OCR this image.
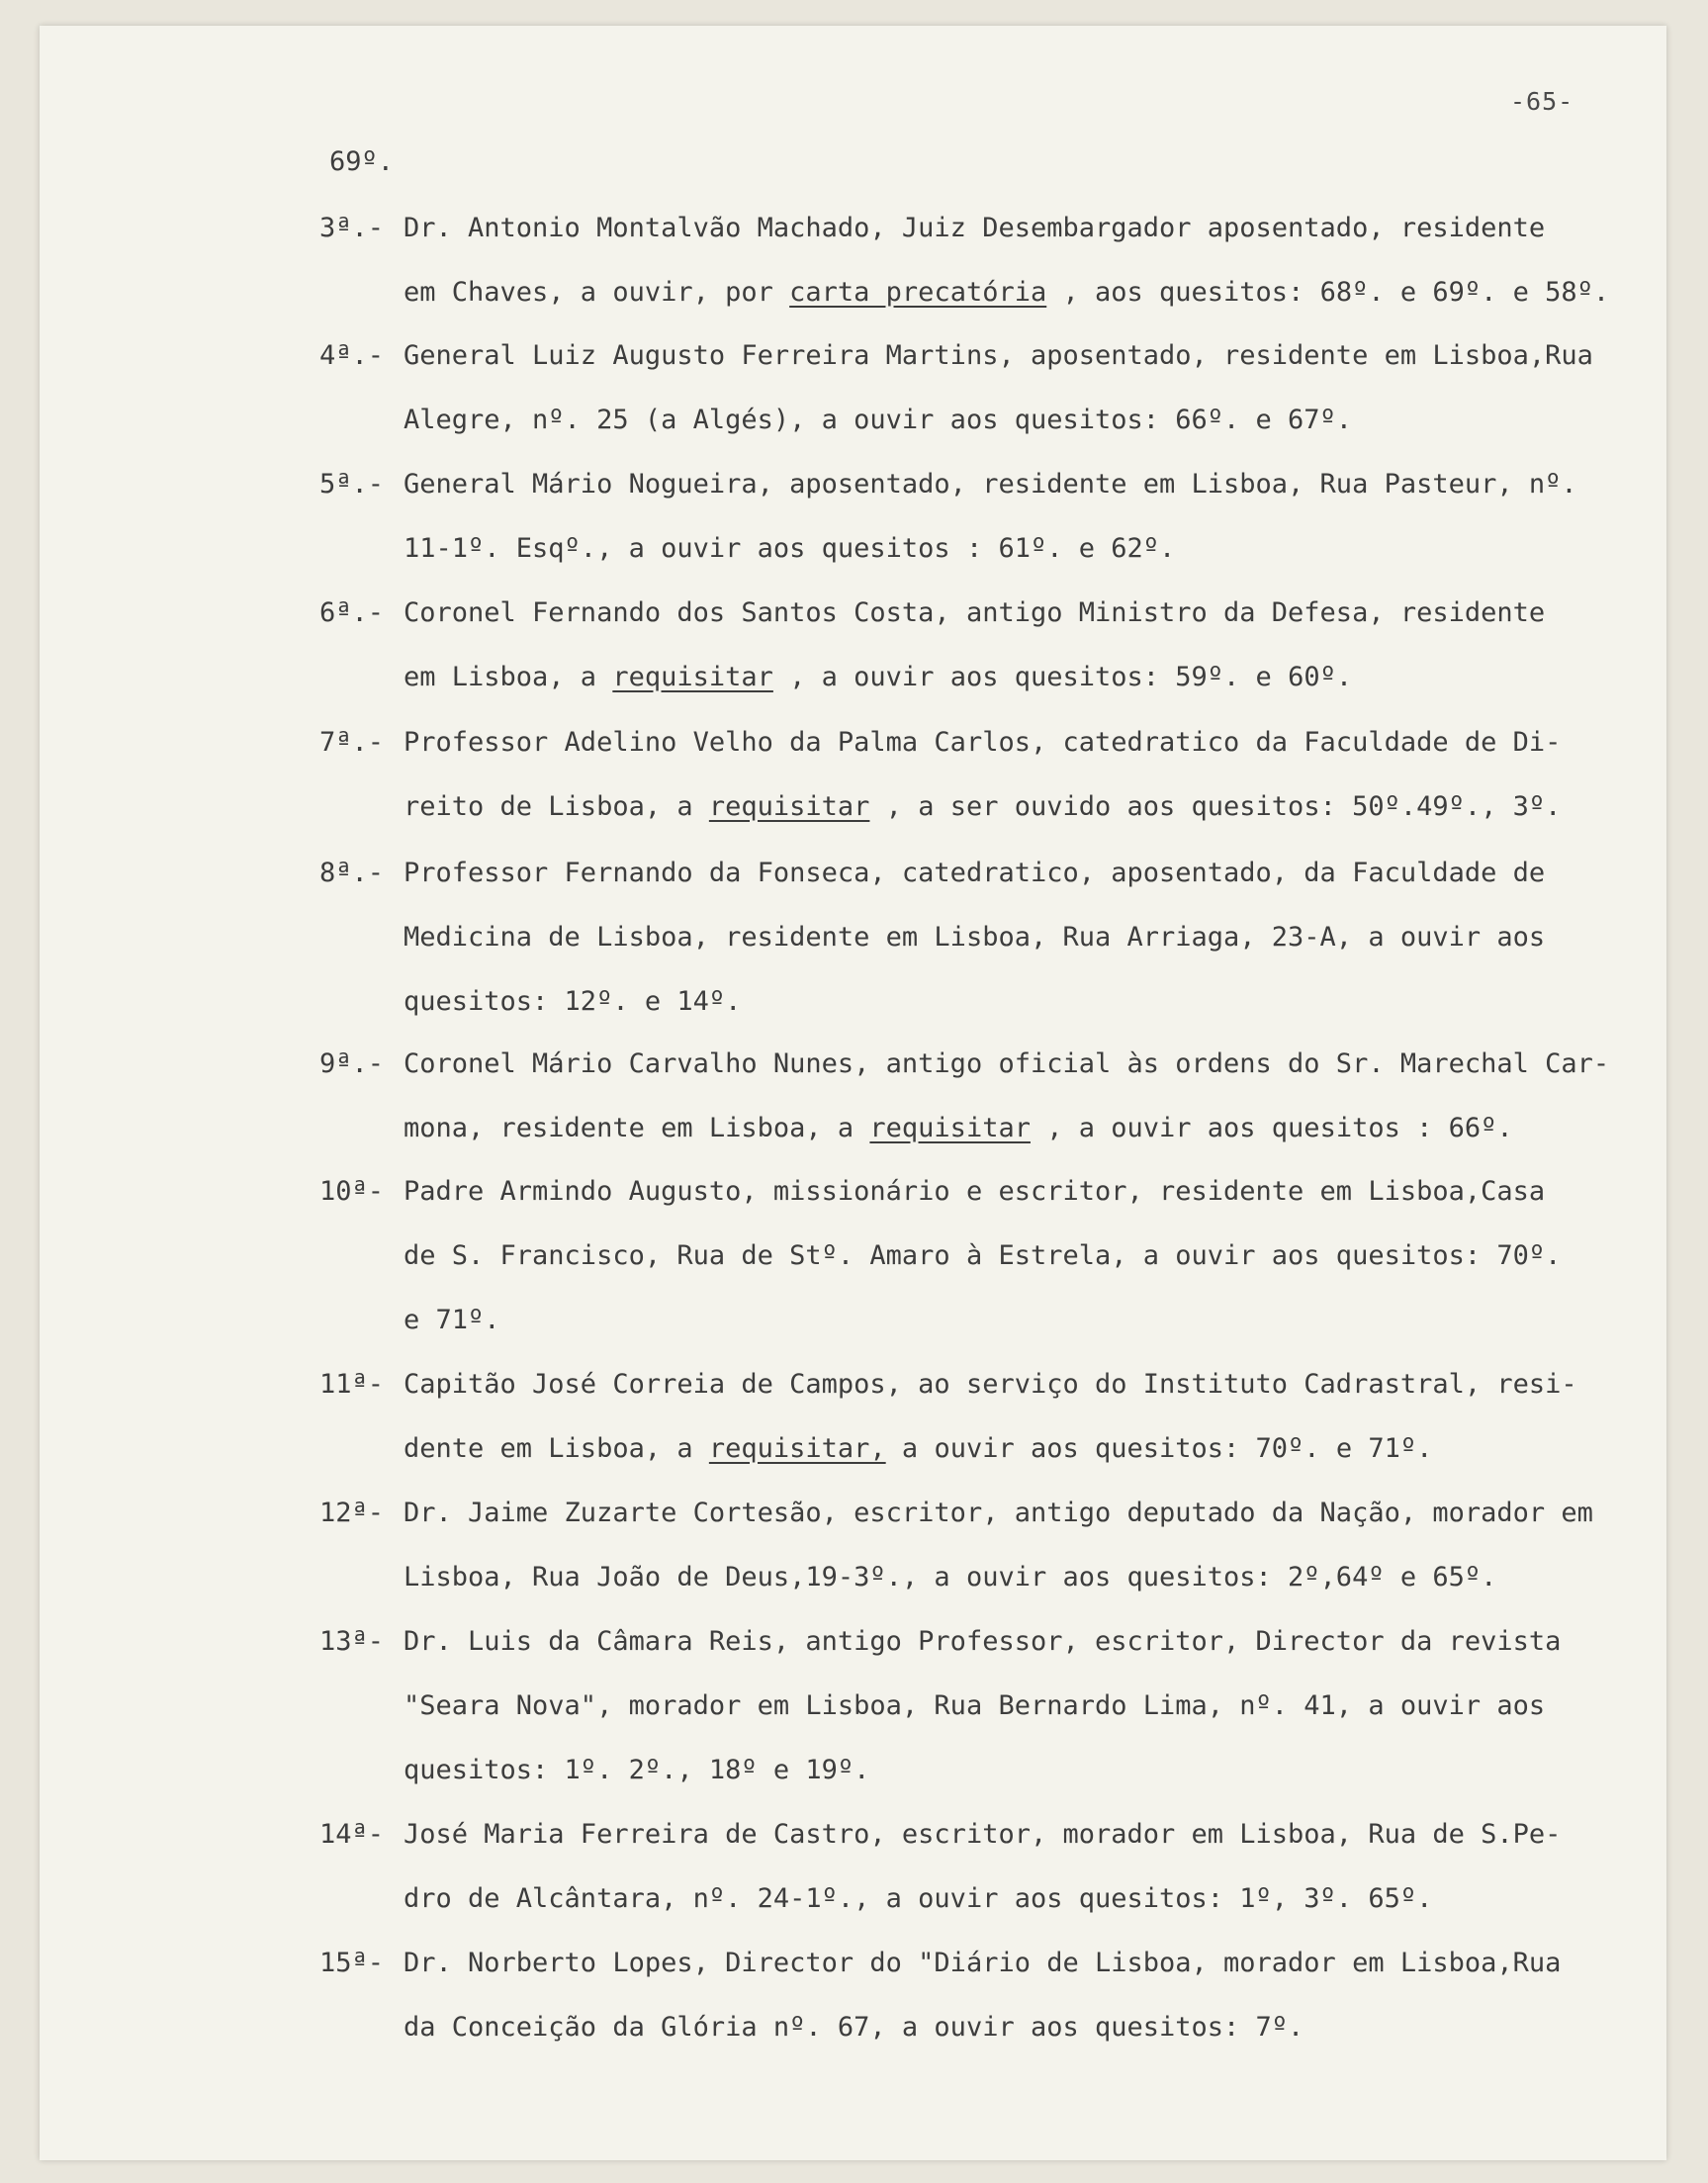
-65-
69º.
3ª.- Dr. Antonio Montalvão Machado, Juiz Desembargador aposentado, residente
em Chaves, a ouvir, por carta precatória , aos quesitos: 68º. e 69º. e 58º.
4ª.- General Luiz Augusto Ferreira Martins, aposentado, residente em Lisboa,Rua
Alegre, nº. 25 (a Algés), a ouvir aos quesitos: 66º. e 67º.
5ª.- General Mário Nogueira, aposentado, residente em Lisboa, Rua Pasteur, nº.
11-1º. Esqº., a ouvir aos quesitos : 61º. e 62º.
6ª.- Coronel Fernando dos Santos Costa, antigo Ministro da Defesa, residente
em Lisboa, a requisitar , a ouvir aos quesitos: 59º. e 60º.
7ª.- Professor Adelino Velho da Palma Carlos, catedratico da Faculdade de Di-
reito de Lisboa, a requisitar , a ser ouvido aos quesitos: 50º.49º., 3º.
8ª.- Professor Fernando da Fonseca, catedratico, aposentado, da Faculdade de
Medicina de Lisboa, residente em Lisboa, Rua Arriaga, 23-A, a ouvir aos
quesitos: 12º. e 14º.
9ª.- Coronel Mário Carvalho Nunes, antigo oficial às ordens do Sr. Marechal Car-
mona, residente em Lisboa, a requisitar , a ouvir aos quesitos : 66º.
10ª- Padre Armindo Augusto, missionário e escritor, residente em Lisboa,Casa
de S. Francisco, Rua de Stº. Amaro à Estrela, a ouvir aos quesitos: 70º.
e 71º.
11ª- Capitão José Correia de Campos, ao serviço do Instituto Cadrastral, resi-
dente em Lisboa, a requisitar, a ouvir aos quesitos: 70º. e 71º.
12ª- Dr. Jaime Zuzarte Cortesão, escritor, antigo deputado da Nação, morador em
Lisboa, Rua João de Deus,19-3º., a ouvir aos quesitos: 2º,64º e 65º.
13ª- Dr. Luis da Câmara Reis, antigo Professor, escritor, Director da revista
"Seara Nova", morador em Lisboa, Rua Bernardo Lima, nº. 41, a ouvir aos
quesitos: 1º. 2º., 18º e 19º.
14ª- José Maria Ferreira de Castro, escritor, morador em Lisboa, Rua de S.Pe-
dro de Alcântara, nº. 24-1º., a ouvir aos quesitos: 1º, 3º. 65º.
15ª- Dr. Norberto Lopes, Director do "Diário de Lisboa, morador em Lisboa,Rua
da Conceição da Glória nº. 67, a ouvir aos quesitos: 7º.
